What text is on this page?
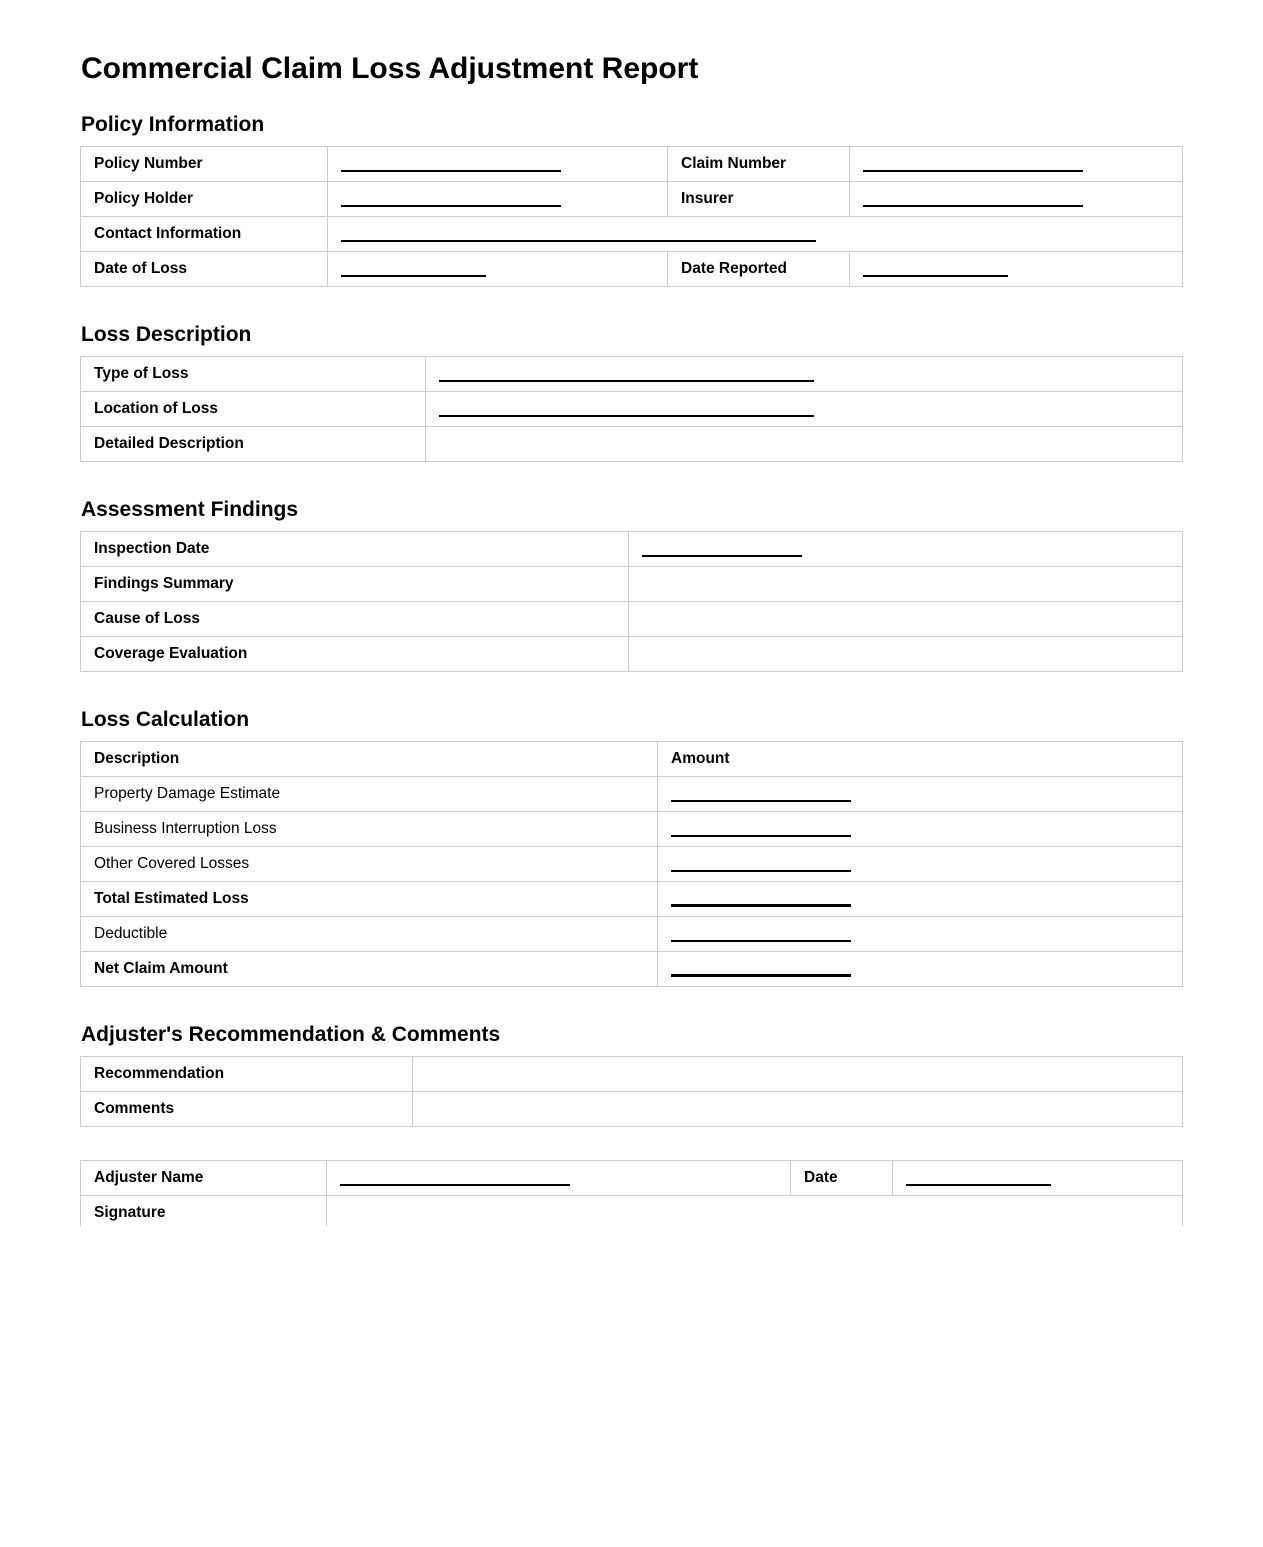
Commercial Claim Loss Adjustment Report
Policy Information
Policy Number		Claim Number	
Policy Holder		Insurer	
Contact Information			
Date of Loss		Date Reported	
Loss Description
Type of Loss	
Location of Loss	
Detailed Description	
Assessment Findings
Inspection Date	
Findings Summary	
Cause of Loss	
Coverage Evaluation	
Loss Calculation
Description	Amount
Property Damage Estimate	
Business Interruption Loss	
Other Covered Losses	
Total Estimated Loss	
Deductible	
Net Claim Amount	
Adjuster's Recommendation & Comments
Recommendation	
Comments	
Adjuster Name		Date	
Signature			
